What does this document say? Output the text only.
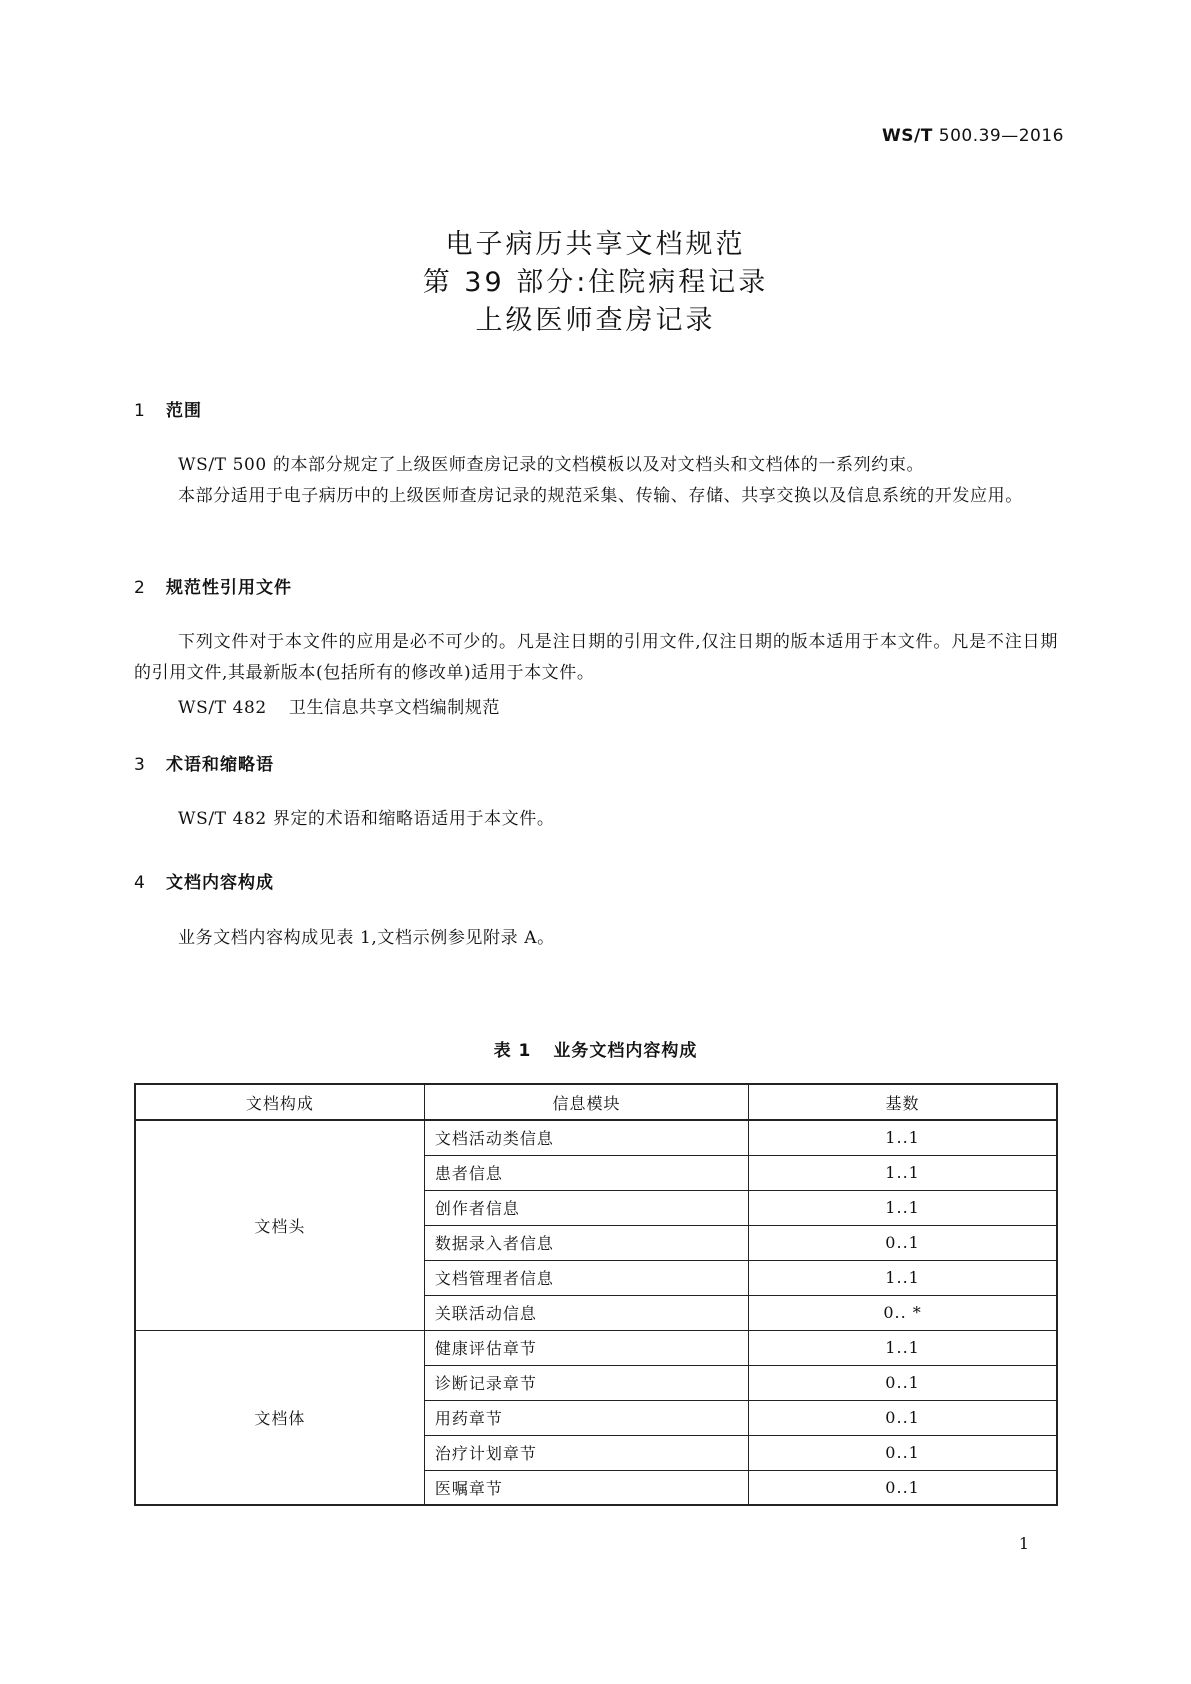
WS/T 500.39—2016
电子病历共享文档规范
第 39 部分:住院病程记录
上级医师查房记录
1 范围
WS/T 500 的本部分规定了上级医师查房记录的文档模板以及对文档头和文档体的一系列约束。
本部分适用于电子病历中的上级医师查房记录的规范采集、传输、存储、共享交换以及信息系统的开发应用。
2 规范性引用文件
下列文件对于本文件的应用是必不可少的。凡是注日期的引用文件,仅注日期的版本适用于本文件。凡是不注日期的引用文件,其最新版本(包括所有的修改单)适用于本文件。
WS/T 482 卫生信息共享文档编制规范
3 术语和缩略语
WS/T 482 界定的术语和缩略语适用于本文件。
4 文档内容构成
业务文档内容构成见表 1,文档示例参见附录 A。
表 1 业务文档内容构成
文档构成	信息模块	基数
文档头	文档活动类信息	1..1
	患者信息	1..1
	创作者信息	1..1
	数据录入者信息	0..1
	文档管理者信息	1..1
	关联活动信息	0.. *
文档体	健康评估章节	1..1
	诊断记录章节	0..1
	用药章节	0..1
	治疗计划章节	0..1
	医嘱章节	0..1
1
